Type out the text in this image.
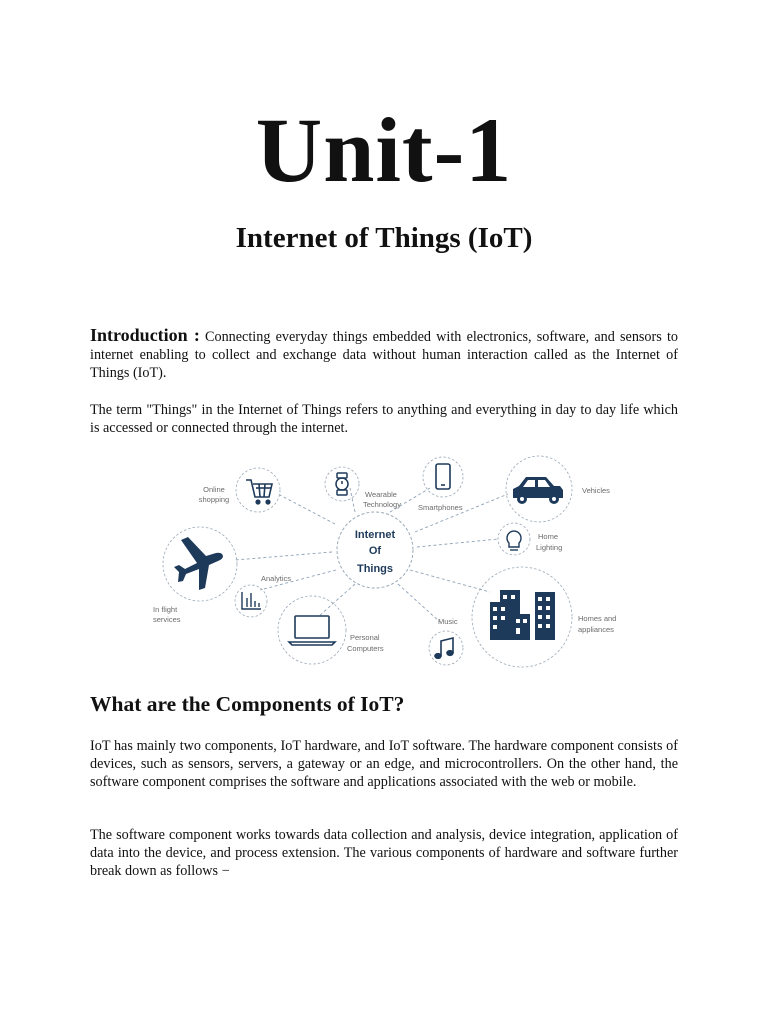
Unit-1
Internet of Things (IoT)

Introduction : Connecting everyday things embedded with electronics, software, and sensors to internet enabling to collect and exchange data without human interaction called as the Internet of Things (IoT).

The term "Things" in the Internet of Things refers to anything and everything in day to day life which is accessed or connected through the internet.

Internet
Of
Things
Online
shopping
Wearable
Technology Smartphones
Vehicles
Home
Lighting
In flight
services
Analytics
Personal
Computers
Music	Homes and
appliances
What are the Components of IoT?

IoT has mainly two components, IoT hardware, and IoT software. The hardware component consists of devices, such as sensors, servers, a gateway or an edge, and microcontrollers. On the other hand, the software component comprises the software and applications associated with the web or mobile.

The software component works towards data collection and analysis, device integration, application of data into the device, and process extension. The various components of hardware and software further break down as follows −
